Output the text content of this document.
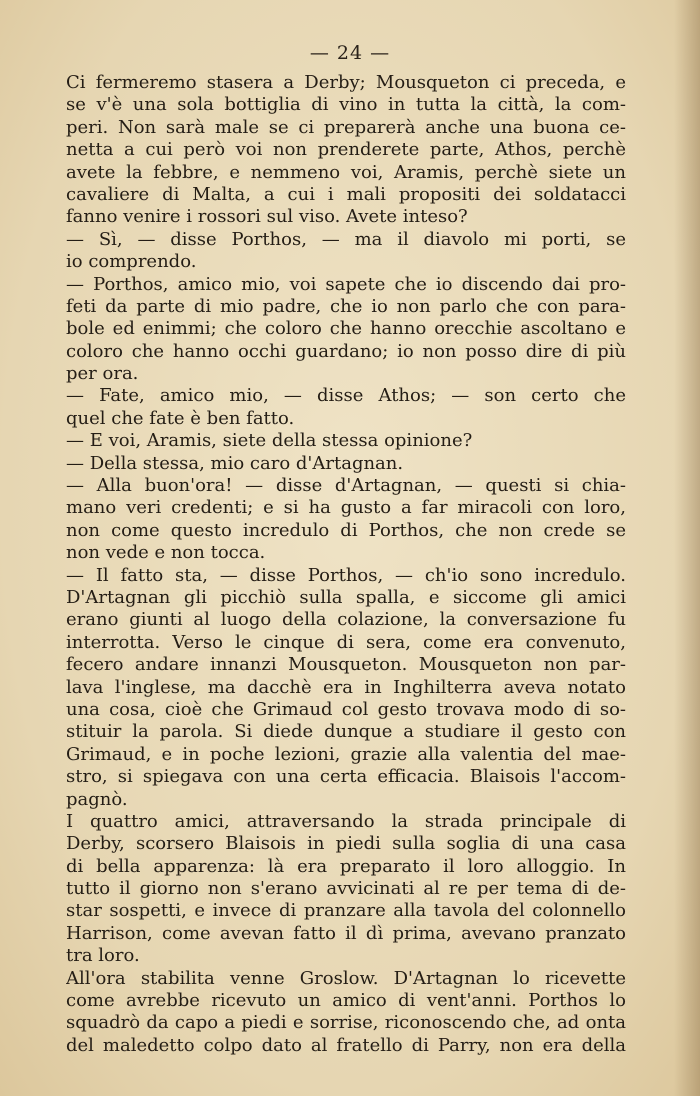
— 24 —
Ci fermeremo stasera a Derby; Mousqueton ci preceda, e
se v'è una sola bottiglia di vino in tutta la città, la com-
peri. Non sarà male se ci preparerà anche una buona ce-
netta a cui però voi non prenderete parte, Athos, perchè
avete la febbre, e nemmeno voi, Aramis, perchè siete un
cavaliere di Malta, a cui i mali propositi dei soldatacci
fanno venire i rossori sul viso. Avete inteso?
— Sì, — disse Porthos, — ma il diavolo mi porti, se
io comprendo.
— Porthos, amico mio, voi sapete che io discendo dai pro-
feti da parte di mio padre, che io non parlo che con para-
bole ed enimmi; che coloro che hanno orecchie ascoltano e
coloro che hanno occhi guardano; io non posso dire di più
per ora.
— Fate, amico mio, — disse Athos; — son certo che
quel che fate è ben fatto.
— E voi, Aramis, siete della stessa opinione?
— Della stessa, mio caro d'Artagnan.
— Alla buon'ora! — disse d'Artagnan, — questi si chia-
mano veri credenti; e si ha gusto a far miracoli con loro,
non come questo incredulo di Porthos, che non crede se
non vede e non tocca.
— Il fatto sta, — disse Porthos, — ch'io sono incredulo.
D'Artagnan gli picchiò sulla spalla, e siccome gli amici
erano giunti al luogo della colazione, la conversazione fu
interrotta. Verso le cinque di sera, come era convenuto,
fecero andare innanzi Mousqueton. Mousqueton non par-
lava l'inglese, ma dacchè era in Inghilterra aveva notato
una cosa, cioè che Grimaud col gesto trovava modo di so-
stituir la parola. Si diede dunque a studiare il gesto con
Grimaud, e in poche lezioni, grazie alla valentia del mae-
stro, si spiegava con una certa efficacia. Blaisois l'accom-
pagnò.
I quattro amici, attraversando la strada principale di
Derby, scorsero Blaisois in piedi sulla soglia di una casa
di bella apparenza: là era preparato il loro alloggio. In
tutto il giorno non s'erano avvicinati al re per tema di de-
star sospetti, e invece di pranzare alla tavola del colonnello
Harrison, come avevan fatto il dì prima, avevano pranzato
tra loro.
All'ora stabilita venne Groslow. D'Artagnan lo ricevette
come avrebbe ricevuto un amico di vent'anni. Porthos lo
squadrò da capo a piedi e sorrise, riconoscendo che, ad onta
del maledetto colpo dato al fratello di Parry, non era della
